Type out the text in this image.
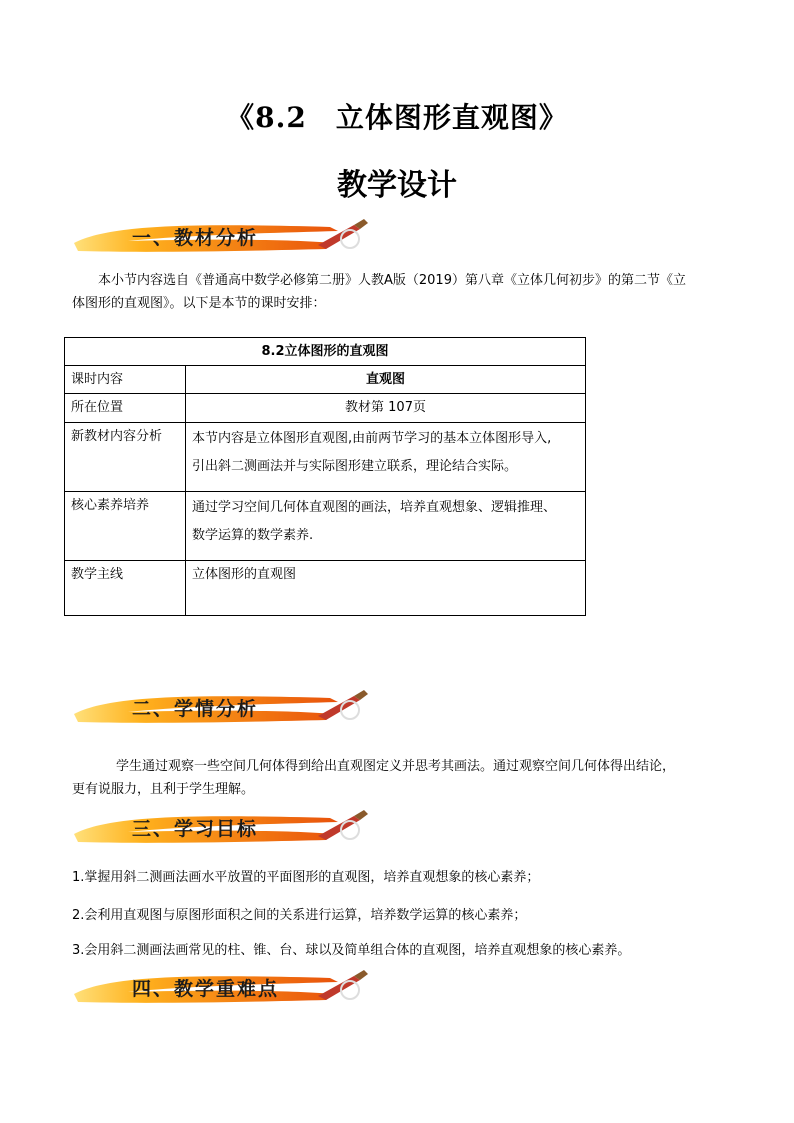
《8.2　立体图形直观图》
教学设计
一、教材分析
本小节内容选自《普通高中数学必修第二册》人教A版（2019）第八章《立体几何初步》的第二节《立
体图形的直观图》。以下是本节的课时安排：
8.2立体图形的直观图	
课时内容	直观图
所在位置	教材第 107页
新教材内容分析	本节内容是立体图形直观图,由前两节学习的基本立体图形导入,
引出斜二测画法并与实际图形建立联系，理论结合实际。

核心素养培养	通过学习空间几何体直观图的画法，培养直观想象、逻辑推理、
数学运算的数学素养.

教学主线	立体图形的直观图
二、学情分析
学生通过观察一些空间几何体得到给出直观图定义并思考其画法。通过观察空间几何体得出结论，
更有说服力，且利于学生理解。
三、学习目标
1.掌握用斜二测画法画水平放置的平面图形的直观图，培养直观想象的核心素养；
2.会利用直观图与原图形面积之间的关系进行运算，培养数学运算的核心素养；
3.会用斜二测画法画常见的柱、锥、台、球以及简单组合体的直观图，培养直观想象的核心素养。
四、教学重难点
